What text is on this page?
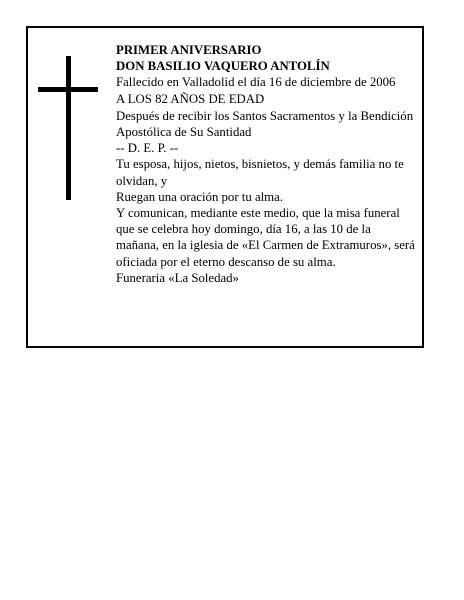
PRIMER ANIVERSARIO
DON BASILIO VAQUERO ANTOLÍN
Fallecido en Valladolid el día 16 de diciembre de 2006
A LOS 82 AÑOS DE EDAD
Después de recibir los Santos Sacramentos y la Bendición Apostólica de Su Santidad
-- D. E. P. --
Tu esposa, hijos, nietos, bisnietos, y demás familia no te olvidan, y
Ruegan una oración por tu alma.
Y comunican, mediante este medio, que la misa funeral que se celebra hoy domingo, día 16, a las 10 de la mañana, en la iglesia de «El Carmen de Extramuros», será oficiada por el eterno descanso de su alma.
Funeraria «La Soledad»
